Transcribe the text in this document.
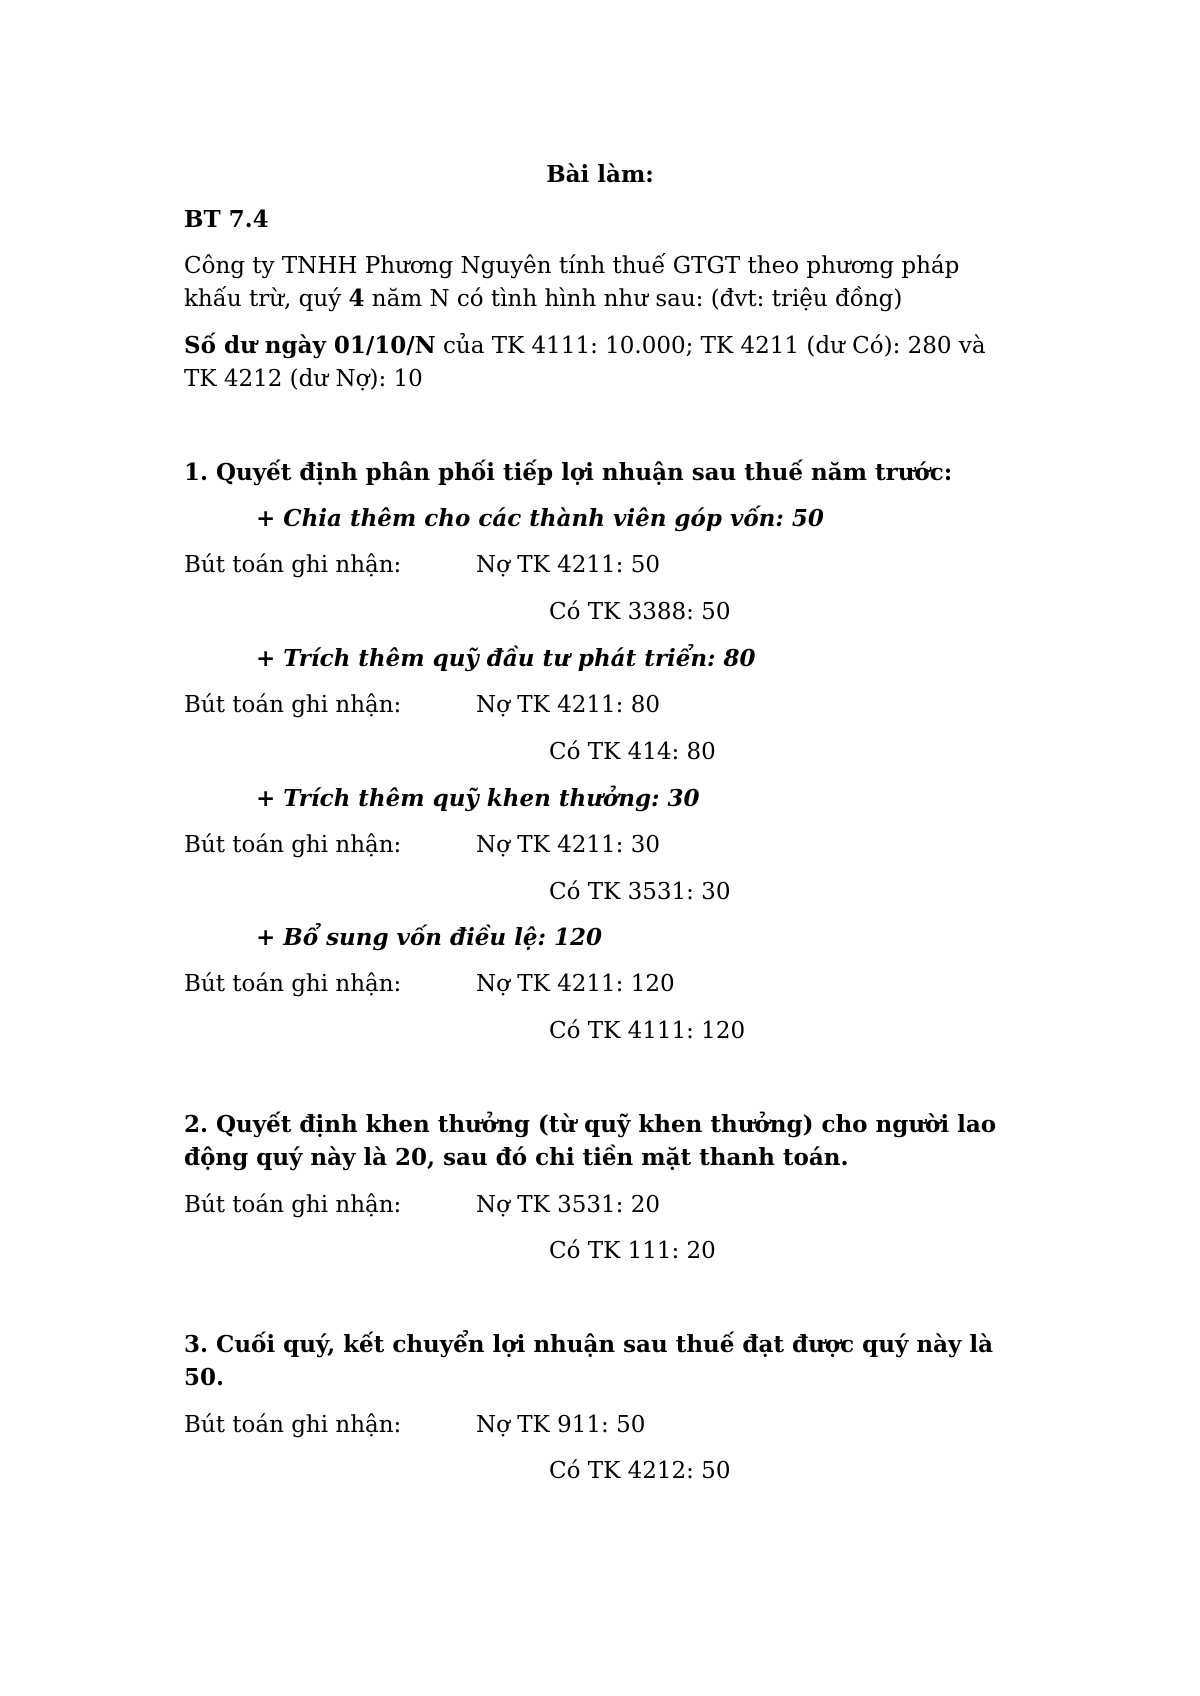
Bài làm:
BT 7.4
Công ty TNHH Phương Nguyên tính thuế GTGT theo phương pháp
khấu trừ, quý 4 năm N có tình hình như sau: (đvt: triệu đồng)
Số dư ngày 01/10/N của TK 4111: 10.000; TK 4211 (dư Có): 280 và
TK 4212 (dư Nợ): 10
1. Quyết định phân phối tiếp lợi nhuận sau thuế năm trước:
+ Chia thêm cho các thành viên góp vốn: 50
Bút toán ghi nhận:	Nợ TK 4211: 50
Có TK 3388: 50
+ Trích thêm quỹ đầu tư phát triển: 80
Bút toán ghi nhận:	Nợ TK 4211: 80
Có TK 414: 80
+ Trích thêm quỹ khen thưởng: 30
Bút toán ghi nhận:	Nợ TK 4211: 30
Có TK 3531: 30
+ Bổ sung vốn điều lệ: 120
Bút toán ghi nhận:	Nợ TK 4211: 120
Có TK 4111: 120
2. Quyết định khen thưởng (từ quỹ khen thưởng) cho người lao
động quý này là 20, sau đó chi tiền mặt thanh toán.
Bút toán ghi nhận:	Nợ TK 3531: 20
Có TK 111: 20
3. Cuối quý, kết chuyển lợi nhuận sau thuế đạt được quý này là
50.
Bút toán ghi nhận:	Nợ TK 911: 50
Có TK 4212: 50
